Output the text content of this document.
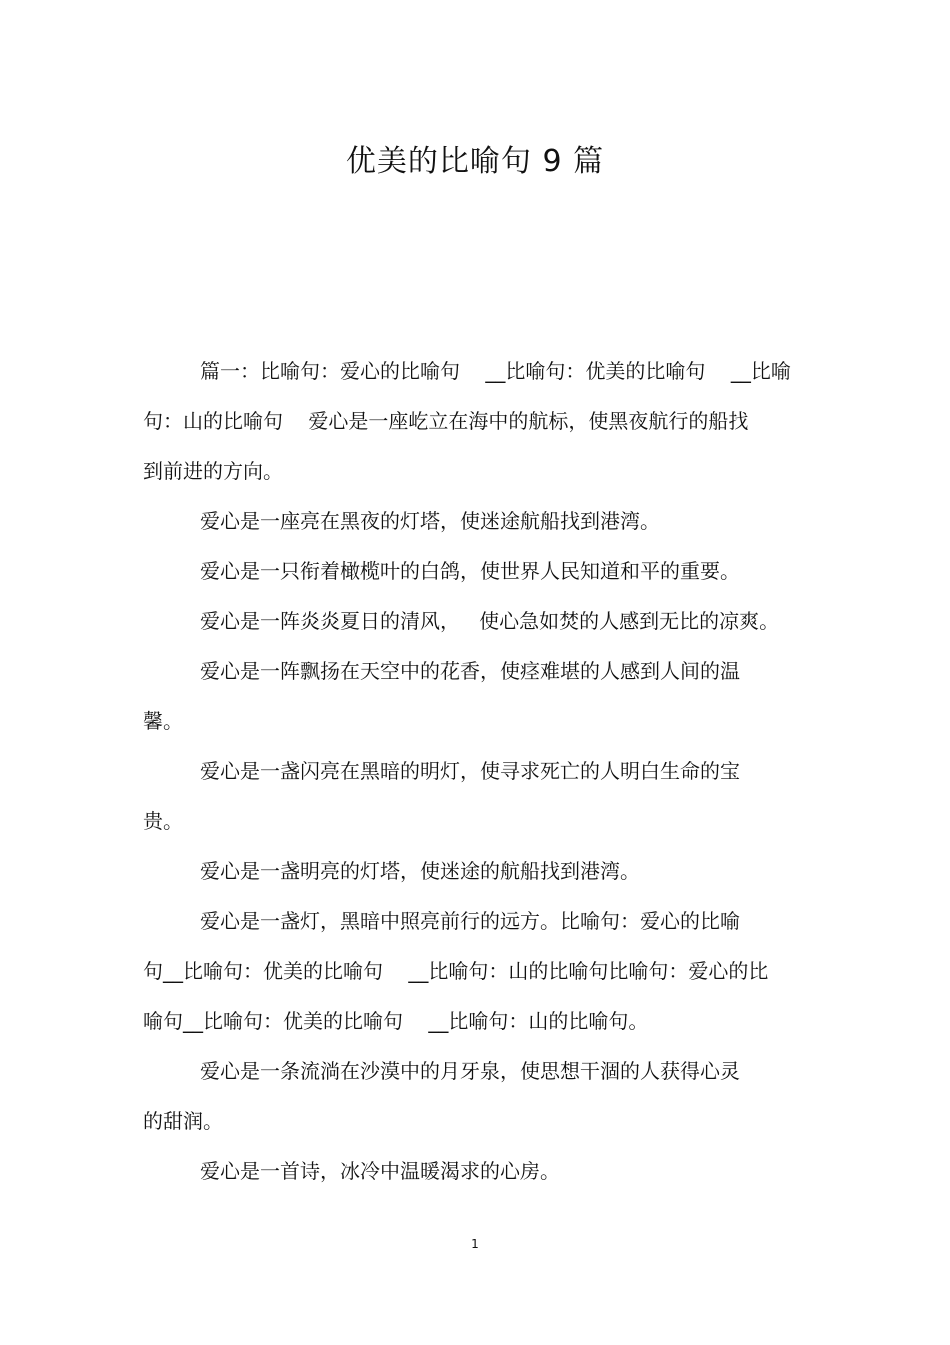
优美的比喻句 9 篇
篇一：比喻句：爱心的比喻句    __比喻句：优美的比喻句    __比喻
句：山的比喻句    爱心是一座屹立在海中的航标，使黑夜航行的船找
到前进的方向。
爱心是一座亮在黑夜的灯塔，使迷途航船找到港湾。
爱心是一只衔着橄榄叶的白鸽，使世界人民知道和平的重要。
爱心是一阵炎炎夏日的清风，   使心急如焚的人感到无比的凉爽。
爱心是一阵飘扬在天空中的花香，使痉难堪的人感到人间的温
馨。
爱心是一盏闪亮在黑暗的明灯，使寻求死亡的人明白生命的宝
贵。
爱心是一盏明亮的灯塔，使迷途的航船找到港湾。
爱心是一盏灯，黑暗中照亮前行的远方。比喻句：爱心的比喻
句__比喻句：优美的比喻句    __比喻句：山的比喻句比喻句：爱心的比
喻句__比喻句：优美的比喻句    __比喻句：山的比喻句。
爱心是一条流淌在沙漠中的月牙泉，使思想干涸的人获得心灵
的甜润。
爱心是一首诗，冰冷中温暖渴求的心房。
1
